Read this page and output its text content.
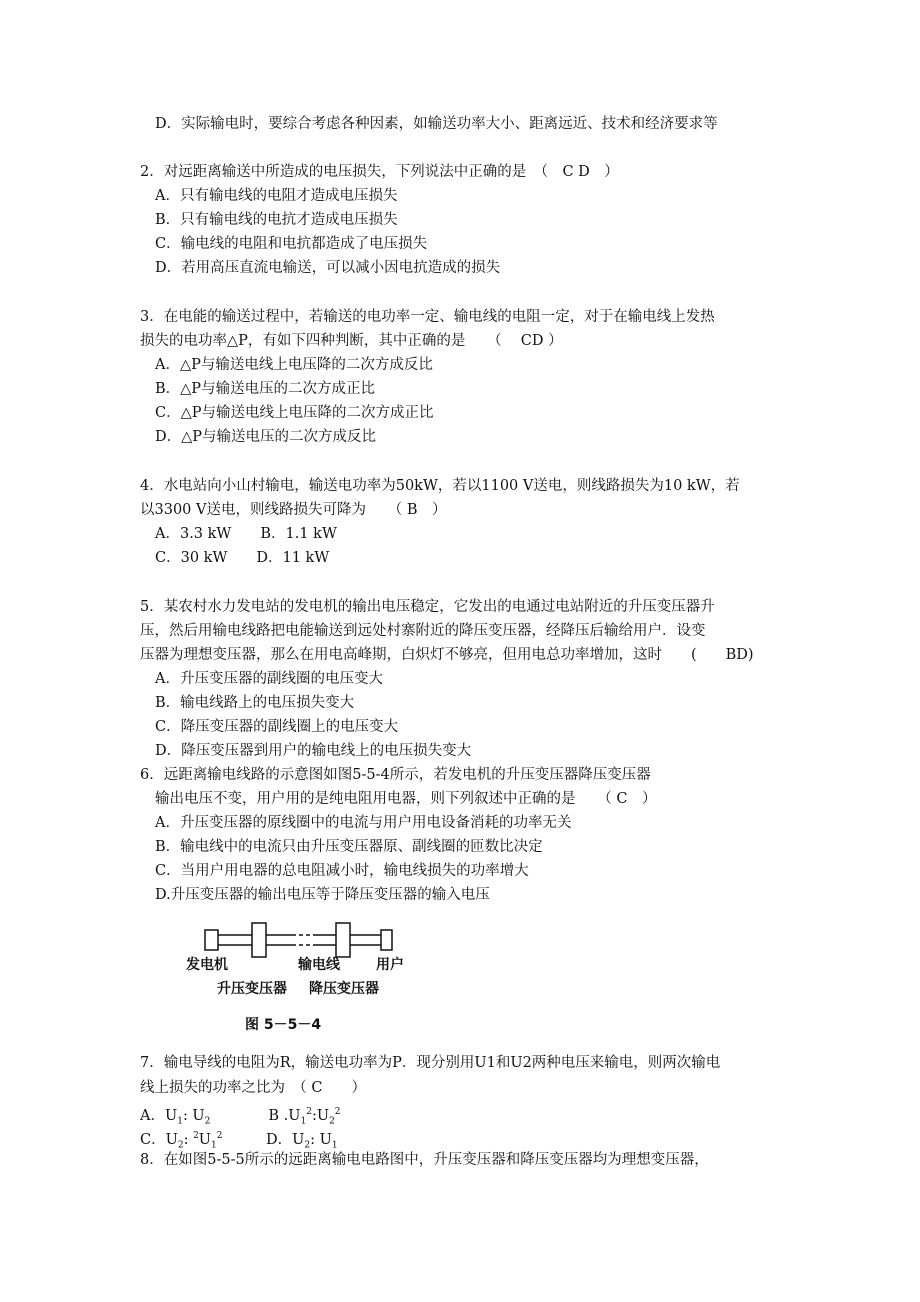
D．实际输电时，要综合考虑各种因素，如输送功率大小、距离远近、技术和经济要求等
2．对远距离输送中所造成的电压损失，下列说法中正确的是　（　C D　）
A．只有输电线的电阻才造成电压损失
B．只有输电线的电抗才造成电压损失
C．输电线的电阻和电抗都造成了电压损失
D．若用高压直流电输送，可以减小因电抗造成的损失
3．在电能的输送过程中，若输送的电功率一定、输电线的电阻一定，对于在输电线上发热
损失的电功率△P，有如下四种判断，其中正确的是　　（　 CD ）
A．△P与输送电线上电压降的二次方成反比
B．△P与输送电压的二次方成正比
C．△P与输送电线上电压降的二次方成正比
D．△P与输送电压的二次方成反比
4．水电站向小山村输电，输送电功率为50kW，若以1100 V送电，则线路损失为10 kW，若
以3300 V送电，则线路损失可降为　　（ B　）
A．3.3 kW　　B．1.1 kW
C．30 kW　　D．11 kW
5．某农村水力发电站的发电机的输出电压稳定，它发出的电通过电站附近的升压变压器升
压，然后用输电线路把电能输送到远处村寨附近的降压变压器，经降压后输给用户．设变
压器为理想变压器，那么在用电高峰期，白炽灯不够亮，但用电总功率增加，这时　　(　　BD)
A．升压变压器的副线圈的电压变大
B．输电线路上的电压损失变大
C．降压变压器的副线圈上的电压变大
D．降压变压器到用户的输电线上的电压损失变大
6．远距离输电线路的示意图如图5-5-4所示，若发电机的升压变压器降压变压器
输出电压不变，用户用的是纯电阻用电器，则下列叙述中正确的是　　（ C　）
A．升压变压器的原线圈中的电流与用户用电设备消耗的功率无关
B．输电线中的电流只由升压变压器原、副线圈的匝数比决定
C．当用户用电器的总电阻减小时，输电线损失的功率增大
D.升压变压器的输出电压等于降压变压器的输入电压
发电机	输电线	用户
升压变压器 降压变压器
图 5－5－4
7．输电导线的电阻为R，输送电功率为P．现分别用U1和U2两种电压来输电，则两次输电
线上损失的功率之比为　（ C　　）
A．$U_1$: $U_2$　　　　B $.U_1^2:U_2^2$
C．$U_2$: $^2U_1^2$　　　D．$U_2$: $U_1$
8．在如图5-5-5所示的远距离输电电路图中，升压变压器和降压变压器均为理想变压器，
